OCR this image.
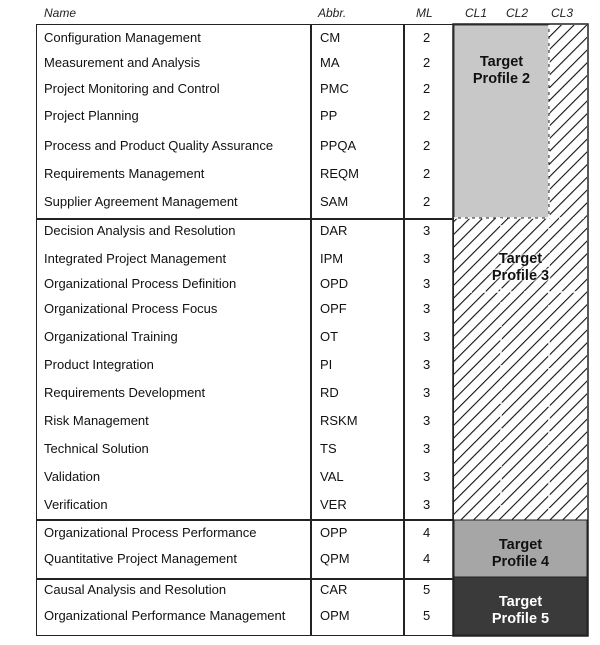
Name	Abbr.	ML	CL1 CL2 CL3
Configuration Management	CM	2
Measurement and Analysis	MA	2
Project Monitoring and Control	PMC	2
Project Planning	PP	2
Process and Product Quality Assurance	PPQA	2
Requirements Management	REQM	2
Supplier Agreement Management	SAM	2
Decision Analysis and Resolution	DAR	3
Integrated Project Management	IPM	3
Organizational Process Definition	OPD	3
Organizational Process Focus	OPF	3
Organizational Training	OT	3
Product Integration	PI	3
Requirements Development	RD	3
Risk Management	RSKM	3
Technical Solution	TS	3
Validation	VAL	3
Verification	VER	3
Organizational Process Performance	OPP	4
Quantitative Project Management	QPM	4
Causal Analysis and Resolution	CAR	5
Organizational Performance Management	OPM	5
Target
Profile 2
Target
Profile 3
Target
Profile 4
Target
Profile 5
